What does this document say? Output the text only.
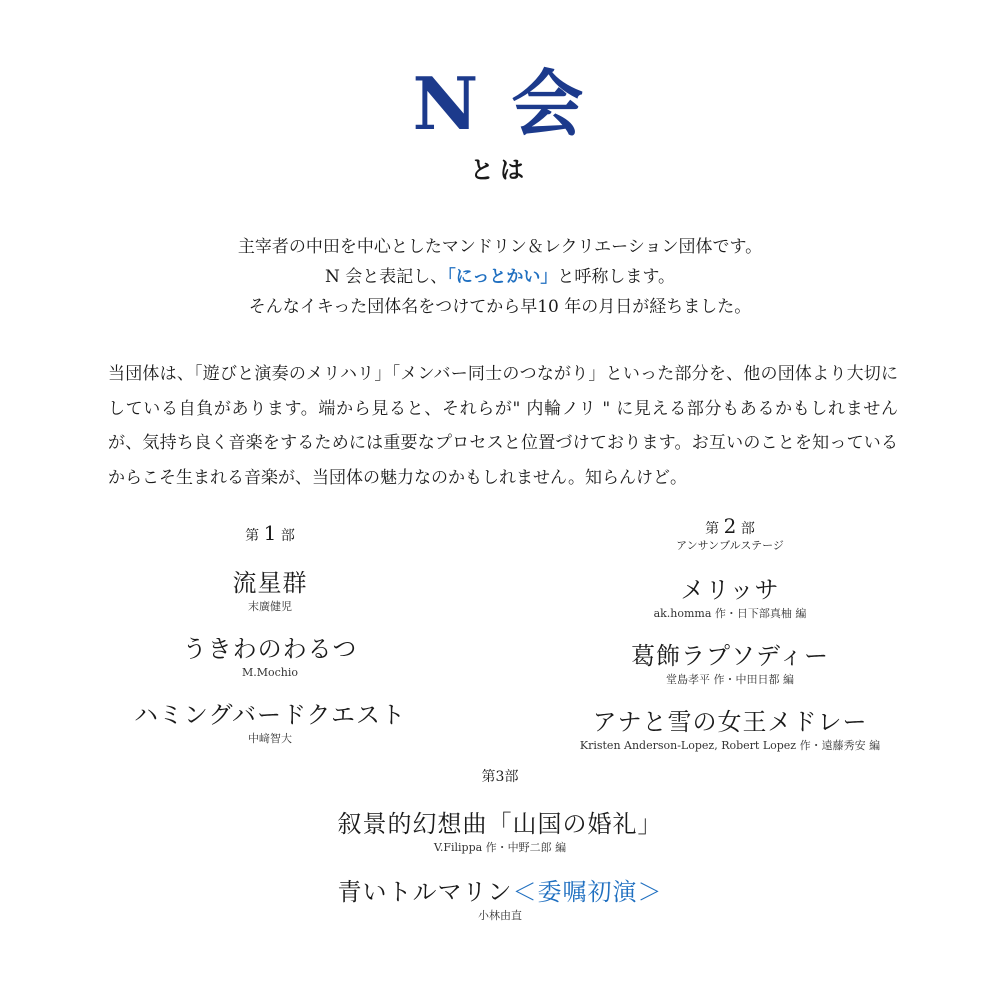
N 会
とは
主宰者の中田を中心としたマンドリン＆レクリエーション団体です。
N 会と表記し、「にっとかい」と呼称します。
そんなイキった団体名をつけてから早10 年の月日が経ちました。
当団体は、「遊びと演奏のメリハリ」「メンバー同士のつながり」といった部分を、他の団体より大切にしている自負があります。端から見ると、それらが" 内輪ノリ " に見える部分もあるかもしれませんが、気持ち良く音楽をするためには重要なプロセスと位置づけております。お互いのことを知っているからこそ生まれる音楽が、当団体の魅力なのかもしれません。知らんけど。
第 1 部
流星群
末廣健児
うきわのわるつ
M.Mochio
ハミングバードクエスト
中﨑智大
第 2 部
アンサンブルステージ
メリッサ
ak.homma 作・日下部真柚 編
葛飾ラプソディー
堂島孝平 作・中田日都 編
アナと雪の女王メドレー
Kristen Anderson-Lopez, Robert Lopez 作・遠藤秀安 編
第3部
叙景的幻想曲「山国の婚礼」
V.Filippa 作・中野二郎 編
青いトルマリン＜委嘱初演＞
小林由直
